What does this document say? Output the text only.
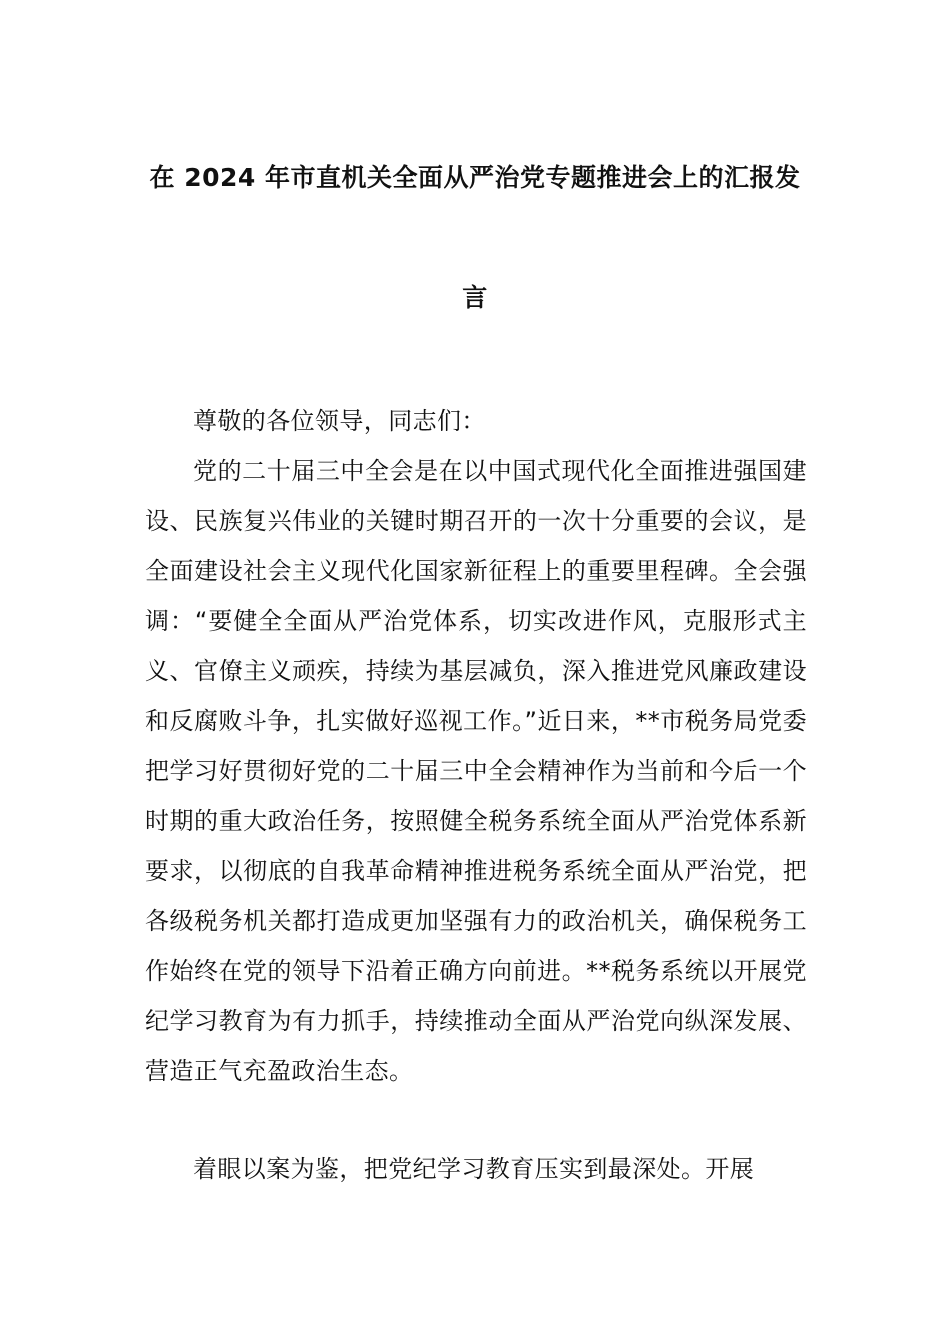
在 2024 年市直机关全面从严治党专题推进会上的汇报发
言

尊敬的各位领导，同志们：

党的二十届三中全会是在以中国式现代化全面推进强国建设、民族复兴伟业的关键时期召开的一次十分重要的会议，是全面建设社会主义现代化国家新征程上的重要里程碑。全会强调：“要健全全面从严治党体系，切实改进作风，克服形式主义、官僚主义顽疾，持续为基层减负，深入推进党风廉政建设和反腐败斗争，扎实做好巡视工作。”近日来，**市税务局党委把学习好贯彻好党的二十届三中全会精神作为当前和今后一个时期的重大政治任务，按照健全税务系统全面从严治党体系新要求，以彻底的自我革命精神推进税务系统全面从严治党，把各级税务机关都打造成更加坚强有力的政治机关，确保税务工作始终在党的领导下沿着正确方向前进。**税务系统以开展党纪学习教育为有力抓手，持续推动全面从严治党向纵深发展、营造正气充盈政治生态。

着眼以案为鉴，把党纪学习教育压实到最深处。开展
